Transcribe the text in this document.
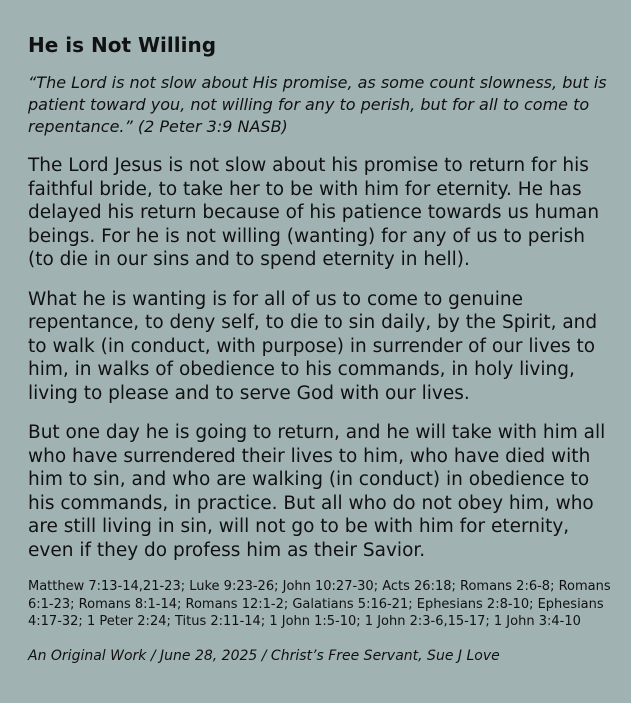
He is Not Willing

“The Lord is not slow about His promise, as some count slowness, but is patient toward you, not willing for any to perish, but for all to come to repentance.” (2 Peter 3:9 NASB)

The Lord Jesus is not slow about his promise to return for his faithful bride, to take her to be with him for eternity. He has delayed his return because of his patience towards us human beings. For he is not willing (wanting) for any of us to perish (to die in our sins and to spend eternity in hell).

What he is wanting is for all of us to come to genuine repentance, to deny self, to die to sin daily, by the Spirit, and to walk (in conduct, with purpose) in surrender of our lives to him, in walks of obedience to his commands, in holy living, living to please and to serve God with our lives.

But one day he is going to return, and he will take with him all who have surrendered their lives to him, who have died with him to sin, and who are walking (in conduct) in obedience to his commands, in practice. But all who do not obey him, who are still living in sin, will not go to be with him for eternity, even if they do profess him as their Savior.

Matthew 7:13-14,21-23; Luke 9:23-26; John 10:27-30; Acts 26:18; Romans 2:6-8; Romans 6:1-23; Romans 8:1-14; Romans 12:1-2; Galatians 5:16-21; Ephesians 2:8-10; Ephesians 4:17-32; 1 Peter 2:24; Titus 2:11-14; 1 John 1:5-10; 1 John 2:3-6,15-17; 1 John 3:4-10

An Original Work / June 28, 2025 / Christ’s Free Servant, Sue J Love
